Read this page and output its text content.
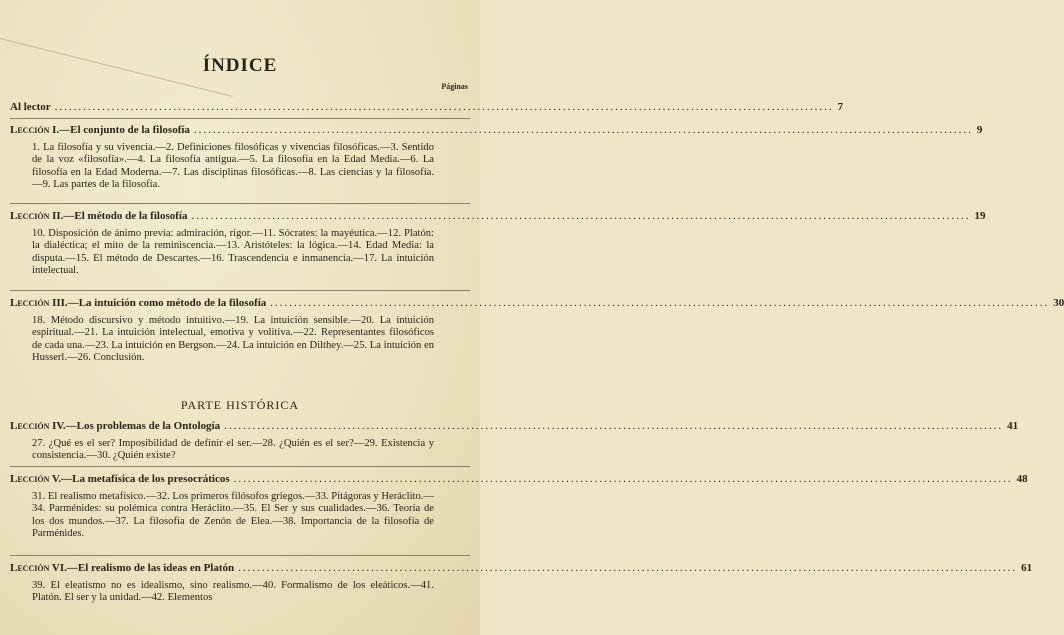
ÍNDICE
Páginas
Al lector .................................................................................................................................................................... 7
Lección I.—El conjunto de la filosofía .................................................................................................................................................................... 9
1. La filosofía y su vivencia.—2. Definiciones filosóficas y vivencias filosóficas.—3. Sentido de la voz «filosofía».—4. La filosofía antigua.—5. La filosofía en la Edad Media.—6. La filosofía en la Edad Moderna.—7. Las disciplinas filosóficas.—8. Las ciencias y la filosofía.—9. Las partes de la filosofía.
Lección II.—El método de la filosofía .................................................................................................................................................................... 19
10. Disposición de ánimo previa: admiración, rigor.—11. Sócrates: la mayéutica.—12. Platón: la dialéctica; el mito de la reminiscencia.—13. Aristóteles: la lógica.—14. Edad Media: la disputa.—15. El método de Descartes.—16. Trascendencia e inmanencia.—17. La intuición intelectual.
Lección III.—La intuición como método de la filosofía .................................................................................................................................................................... 30
18. Método discursivo y método intuitivo.—19. La intuición sensible.—20. La intuición espiritual.—21. La intuición intelectual, emotiva y volitiva.—22. Representantes filosóficos de cada una.—23. La intuición en Bergson.—24. La intuición en Dilthey.—25. La intuición en Husserl.—26. Conclusión.
PARTE HISTÓRICA
Lección IV.—Los problemas de la Ontología .................................................................................................................................................................... 41
27. ¿Qué es el ser? Imposibilidad de definir el ser.—28. ¿Quién es el ser?—29. Existencia y consistencia.—30. ¿Quién existe?
Lección V.—La metafísica de los presocráticos .................................................................................................................................................................... 48
31. El realismo metafísico.—32. Los primeros filósofos griegos.—33. Pitágoras y Heráclito.—34. Parménides: su polémica contra Heráclito.—35. El Ser y sus cualidades.—36. Teoría de los dos mundos.—37. La filosofía de Zenón de Elea.—38. Importancia de la filosofía de Parménides.
Lección VI.—El realismo de las ideas en Platón .................................................................................................................................................................... 61
39. El eleatismo no es idealismo, sino realismo.—40. Formalismo de los eleáticos.—41. Platón. El ser y la unidad.—42. Elementos
